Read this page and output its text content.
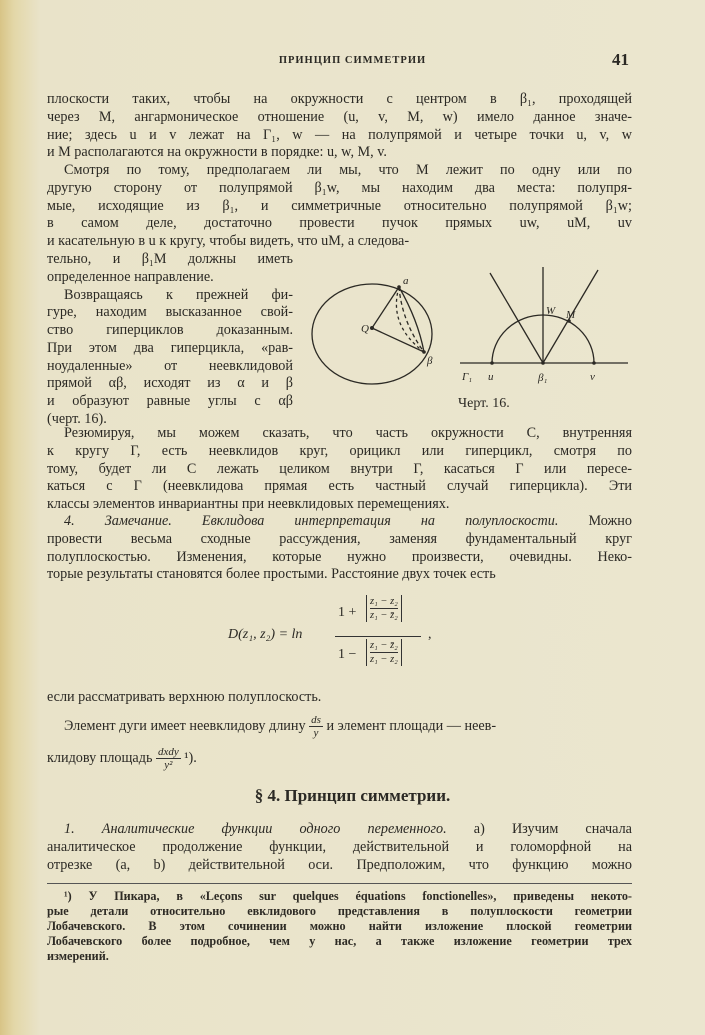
ПРИНЦИП СИММЕТРИИ	41
плоскости таких, чтобы на окружности с центром в β₁, проходящей
через M, ангармоническое отношение (u, v, M, w) имело данное значе-
ние; здесь u и v лежат на Γ₁, w — на полупрямой и четыре точки u, v, w
и M располагаются на окружности в порядке: u, w, M, v.
Смотря по тому, предполагаем ли мы, что M лежит по одну или по
другую сторону от полупрямой β₁w, мы находим два места: полупря-
мые, исходящие из β₁, и симметричные относительно полупрямой β₁w;
в самом деле, достаточно провести пучок прямых uw, uM, uv
и касательную в u к кругу, чтобы видеть, что uM, а следова-
тельно, и β₁M должны иметь
определенное направление.
Возвращаясь к прежней фи-
гуре, находим высказанное свой-
ство гиперциклов доказанным.
При этом два гиперцикла, «рав-
ноудаленные» от неевклидовой
прямой αβ, исходят из α и β
и образуют равные углы с αβ
(черт. 16).
a
Q
β
Γ₁ u	β₁	v
W M
Черт. 16.
Резюмируя, мы можем сказать, что часть окружности C, внутренняя
к кругу Γ, есть неевклидов круг, орицикл или гиперцикл, смотря по
тому, будет ли C лежать целиком внутри Γ, касаться Γ или пересе-
каться с Γ (неевклидова прямая есть частный случай гиперцикла). Эти
классы элементов инвариантны при неевклидовых перемещениях.
4. Замечание. Евклидова интерпретация на полуплоскости. Можно
провести весьма сходные рассуждения, заменяя фундаментальный круг
полуплоскостью. Изменения, которые нужно произвести, очевидны. Неко-
торые результаты становятся более простыми. Расстояние двух точек есть
D(z₁, z₂) = ln
1 +
z₁ − z₂
z₁ − z̄₂
1 −
z₁ − z̄₂
z₁ − z₂
,
если рассматривать верхнюю полуплоскость.
Элемент дуги имеет неевклидову длину $\frac{ds}{y}$ и элемент площади — неев-
клидову площадь $\frac{\text{dxdy}}{\text{y²}} ^1$).
§ 4. Принцип симметрии.
1. Аналитические функции одного переменного. а) Изучим сначала
аналитическое продолжение функции, действительной и голоморфной на
отрезке (a, b) действительной оси. Предположим, что функцию можно
¹) У Пикара, в «Leçons sur quelques équations fonctionelles», приведены некото-
рые детали относительно евклидового представления в полуплоскости геометрии
Лобачевского. В этом сочинении можно найти изложение плоской геометрии
Лобачевского более подробное, чем у нас, а также изложение геометрии трех
измерений.
